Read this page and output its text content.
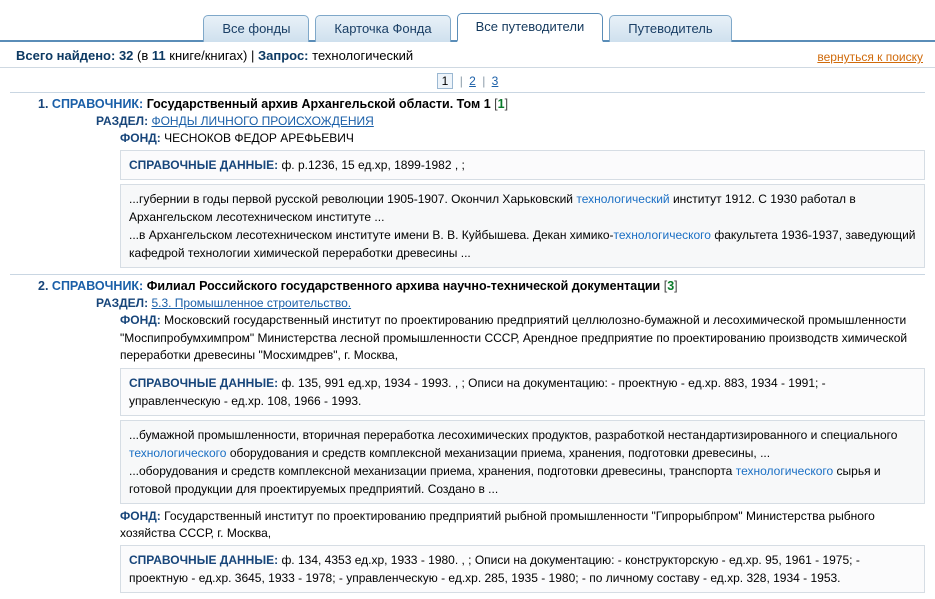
Все фонды	Карточка Фонда	Все путеводители	Путеводитель
Всего найдено: 32 (в 11 книге/книгах) | Запрос: технологический	вернуться к поиску
1 | 2 | 3
1. СПРАВОЧНИК: Государственный архив Архангельской области. Том 1 [1]
РАЗДЕЛ: ФОНДЫ ЛИЧНОГО ПРОИСХОЖДЕНИЯ
ФОНД: ЧЕСНОКОВ ФЕДОР АРЕФЬЕВИЧ
СПРАВОЧНЫЕ ДАННЫЕ: ф. р.1236, 15 ед.хр, 1899-1982 , ;

...губернии в годы первой русской революции 1905-1907. Окончил Харьковский технологический институт 1912. С 1930 работал в Архангельском лесотехническом институте ...

...в Архангельском лесотехническом институте имени В. В. Куйбышева. Декан химико-технологического факультета 1936-1937, заведующий кафедрой технологии химической переработки древесины ...

2. СПРАВОЧНИК: Филиал Российского государственного архива научно-технической документации [3]
РАЗДЕЛ: 5.3. Промышленное строительство.
ФОНД: Московский государственный институт по проектированию предприятий целлюлозно-бумажной и лесохимической промышленности "Моспипробумхимпром" Министерства лесной промышленности СССР, Арендное предприятие по проектированию производств химической переработки древесины "Мосхимдрев", г. Москва,
СПРАВОЧНЫЕ ДАННЫЕ: ф. 135, 991 ед.хр, 1934 - 1993. , ; Описи на документацию: - проектную - ед.хр. 883, 1934 - 1991; - управленческую - ед.хр. 108, 1966 - 1993.

...бумажной промышленности, вторичная переработка лесохимических продуктов, разработкой нестандартизированного и специального технологического оборудования и средств комплексной механизации приема, хранения, подготовки древесины, ...

...оборудования и средств комплексной механизации приема, хранения, подготовки древесины, транспорта технологического сырья и готовой продукции для проектируемых предприятий. Создано в ...

ФОНД: Государственный институт по проектированию предприятий рыбной промышленности "Гипрорыбпром" Министерства рыбного хозяйства СССР, г. Москва,
СПРАВОЧНЫЕ ДАННЫЕ: ф. 134, 4353 ед.хр, 1933 - 1980. , ; Описи на документацию: - конструкторскую - ед.хр. 95, 1961 - 1975; - проектную - ед.хр. 3645, 1933 - 1978; - управленческую - ед.хр. 285, 1935 - 1980; - по личному составу - ед.хр. 328, 1934 - 1953.
